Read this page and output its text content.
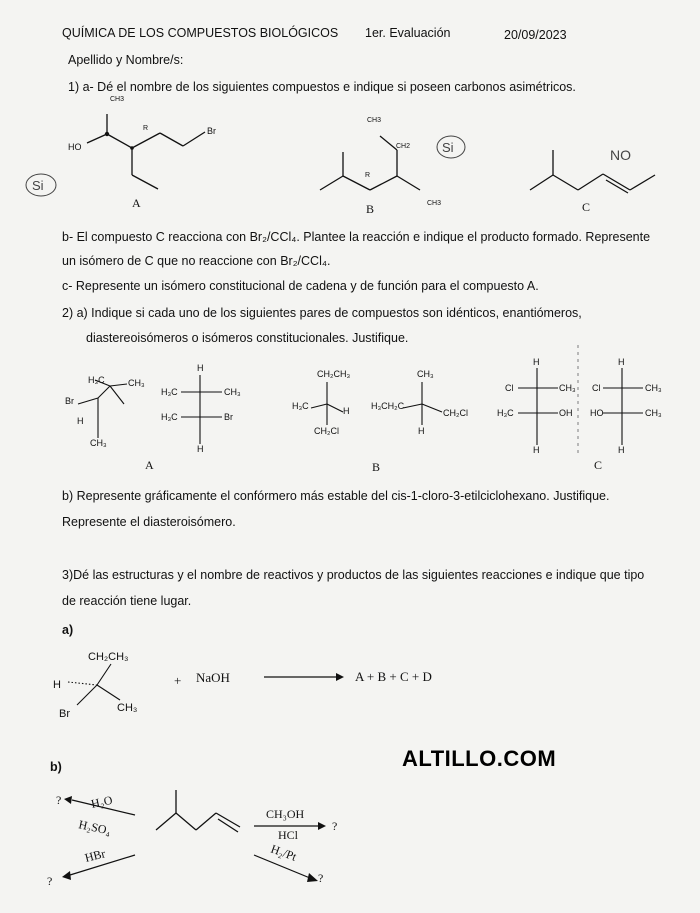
QUÍMICA DE LOS COMPUESTOS BIOLÓGICOS 1er. Evaluación	20/09/2023
Apellido y Nombre/s:
1) a- Dé el nombre de los siguientes compuestos e indique si poseen carbonos asimétricos.
HO
Br
CH3
R
CH3
CH2
CH3
R
A	B	C
Si
Si	NO
b- El compuesto C reacciona con Br₂/CCl₄. Plantee la reacción e indique el producto formado. Represente
un isómero de C que no reaccione con Br₂/CCl₄.
c- Represente un isómero constitucional de cadena y de función para el compuesto A.
2) a) Indique si cada uno de los siguientes pares de compuestos son idénticos, enantiómeros,
diastereoisómeros o isómeros constitucionales. Justifique.
H₃C	CH₃
Br
H
CH₃
H
H₃C	CH₃
H₃C	Br
H
A
CH₂CH₃
H₃C	H
CH₂Cl
CH₃
H₃CH₂C
CH₂Cl
H
B
H
Cl	CH₃
H₃C	OH
H
H
Cl	CH₃
HO	CH₃
H
C
b) Represente gráficamente el confórmero más estable del cis-1-cloro-3-etilciclohexano. Justifique.
Represente el diasteroisómero.
3)Dé las estructuras y el nombre de reactivos y productos de las siguientes reacciones e indique que tipo
de reacción tiene lugar.
a)
CH₂CH₃
H
CH₃
Br
+ NaOH	A + B + C + D
?
?
?
?
H₂O
H₂SO₄
CH₃OH
HCl
HBr	H₂/Pt
b)	ALTILLO.COM
